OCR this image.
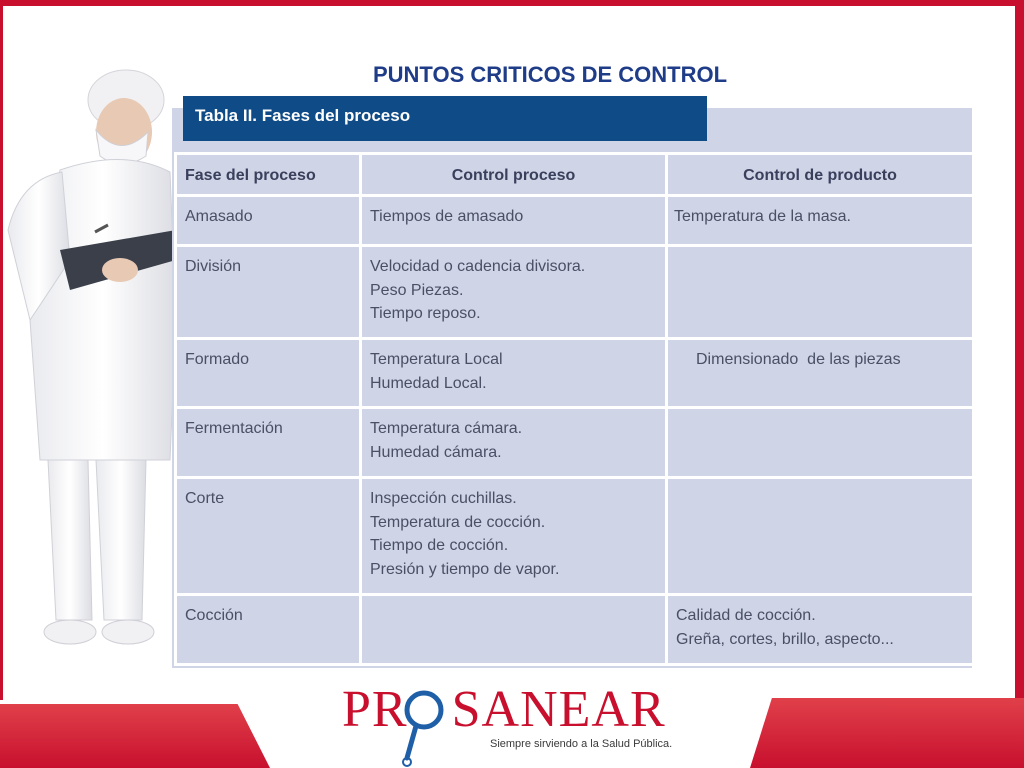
PUNTOS CRITICOS DE CONTROL
Tabla II. Fases del proceso
Fase del proceso	Control proceso	Control de producto
Amasado	Tiempos de amasado	Temperatura de la masa.

División	Velocidad o cadencia divisora.
Peso Piezas.
Tiempo reposo.	

Formado	Temperatura Local
Humedad Local.	Dimensionado  de las piezas

Fermentación	Temperatura cámara.
Humedad cámara.	

Corte	Inspección cuchillas.
Temperatura de cocción.
Tiempo de cocción.
Presión y tiempo de vapor.	

Cocción		Calidad de cocción.
Greña, cortes, brillo, aspecto...
PR SANEAR
Siempre sirviendo a la Salud Pública.
